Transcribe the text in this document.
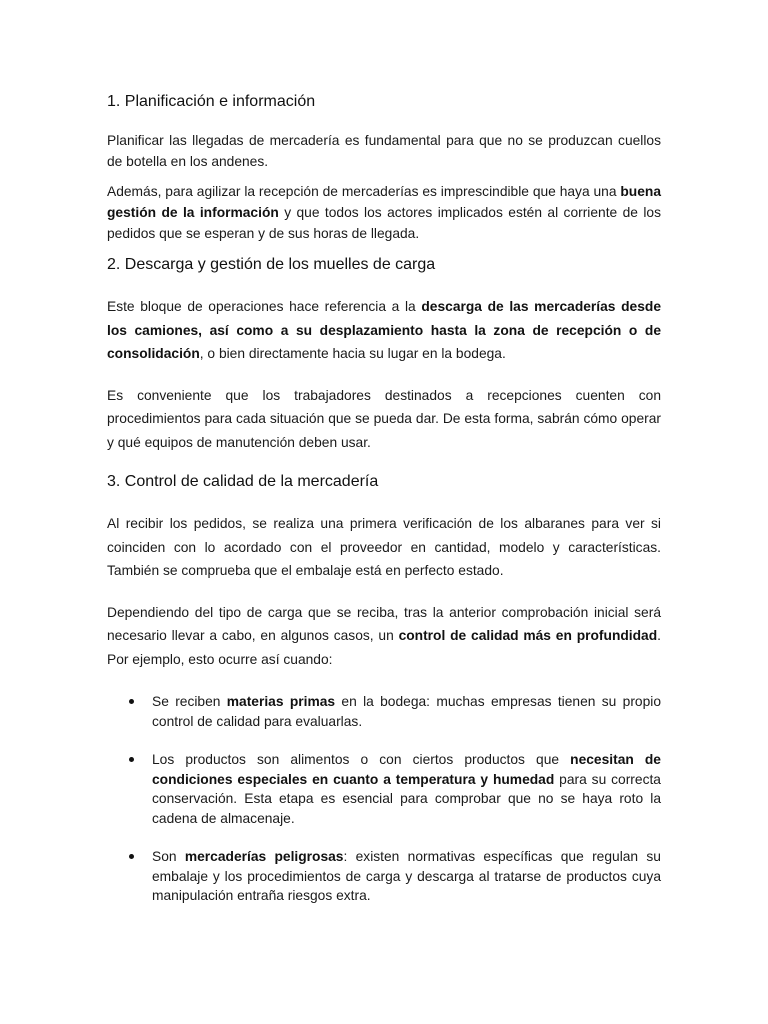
1. Planificación e información

Planificar las llegadas de mercadería es fundamental para que no se produzcan cuellos de botella en los andenes.

Además, para agilizar la recepción de mercaderías es imprescindible que haya una buena gestión de la información y que todos los actores implicados estén al corriente de los pedidos que se esperan y de sus horas de llegada.

2. Descarga y gestión de los muelles de carga

Este bloque de operaciones hace referencia a la descarga de las mercaderías desde los camiones, así como a su desplazamiento hasta la zona de recepción o de consolidación, o bien directamente hacia su lugar en la bodega.

Es conveniente que los trabajadores destinados a recepciones cuenten con procedimientos para cada situación que se pueda dar. De esta forma, sabrán cómo operar y qué equipos de manutención deben usar.

3. Control de calidad de la mercadería

Al recibir los pedidos, se realiza una primera verificación de los albaranes para ver si coinciden con lo acordado con el proveedor en cantidad, modelo y características. También se comprueba que el embalaje está en perfecto estado.

Dependiendo del tipo de carga que se reciba, tras la anterior comprobación inicial será necesario llevar a cabo, en algunos casos, un control de calidad más en profundidad. Por ejemplo, esto ocurre así cuando:

Se reciben materias primas en la bodega: muchas empresas tienen su propio control de calidad para evaluarlas.
Los productos son alimentos o con ciertos productos que necesitan de condiciones especiales en cuanto a temperatura y humedad para su correcta conservación. Esta etapa es esencial para comprobar que no se haya roto la cadena de almacenaje.
Son mercaderías peligrosas: existen normativas específicas que regulan su embalaje y los procedimientos de carga y descarga al tratarse de productos cuya manipulación entraña riesgos extra.
